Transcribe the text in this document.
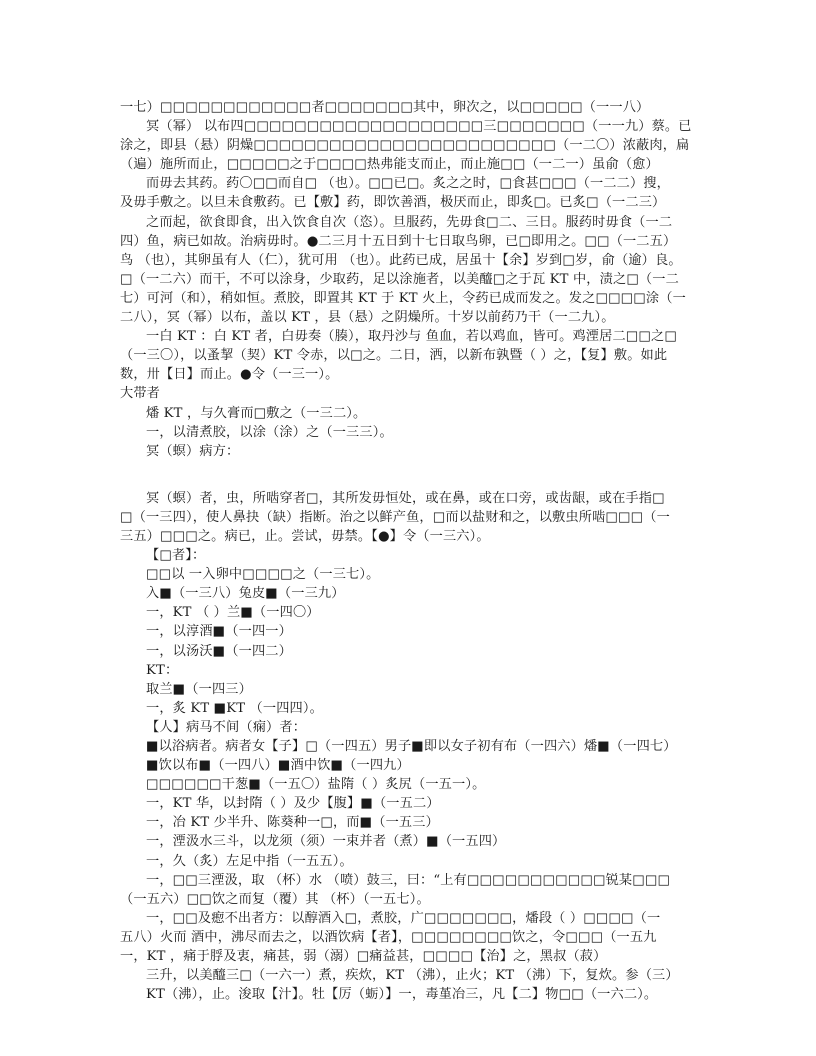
一七）□□□□□□□□□□□□者□□□□□□□其中，卵次之，以□□□□□（一一八）
冥（幂） 以布四□□□□□□□□□□□□□□□□□□□三□□□□□□□（一一九）蔡。已
涂之，即县（悬）阴燥□□□□□□□□□□□□□□□□□□□□□□□□（一二〇）浓蔽肉，扁
（遍）施所而止，□□□□□之于□□□□热弗能支而止，而止施□□（一二一）虽俞（愈）
而毋去其药。药〇□□而自□ （也）。□□已□。炙之之时，□食甚□□□（一二二）搜，
及毋手敷之。以旦未食敷药。已【敷】药，即饮善酒，极厌而止，即炙□。已炙□（一二三）
之而起，欲食即食，出入饮食自次（恣）。旦服药，先毋食□二、三日。服药时毋食（一二
四）鱼，病已如故。治病毋时。●二三月十五日到十七日取鸟卵，已□即用之。□□（一二五）
鸟 （也），其卵虽有人（仁），犹可用 （也）。此药已成，居虽十【余】岁到□岁，俞（逾）良。
□（一二六）而干，不可以涂身，少取药，足以涂施者，以美醯□之于瓦 KT 中，渍之□（一二
七）可河（和），稍如恒。煮胶，即置其 KT 于 KT 火上，令药已成而发之。发之□□□□涂（一
二八），冥（幂）以布，盖以 KT ，县（悬）之阴燥所。十岁以前药乃干（一二九）。
一白 KT ：白 KT 者，白毋奏（腠），取丹沙与 鱼血，若以鸡血，皆可。鸡湮居二□□之□
（一三〇），以蚤挈（契）KT 令赤，以□之。二日，洒，以新布孰暨（ ）之，【复】敷。如此
数，卅【日】而止。●令（一三一）。
大带者
燔 KT ，与久膏而□敷之（一三二）。
一，以清煮胶，以涂（涂）之（一三三）。
冥（螟）病方：
冥（螟）者，虫，所啮穿者□，其所发毋恒处，或在鼻，或在口旁，或齿龈，或在手指□
□（一三四），使人鼻抉（缺）指断。治之以鲜产鱼，□而以盐财和之，以敷虫所啮□□□（一
三五）□□□之。病已，止。尝试，毋禁。【●】令（一三六）。
【□者】：
□□以 一入卵中□□□□之（一三七）。
入■（一三八）兔皮■（一三九）
一，KT （ ）兰■（一四〇）
一，以淳酒■（一四一）
一，以汤沃■（一四二）
KT：
取兰■（一四三）
一，炙 KT ■KT （一四四）。
【人】病马不间（痫）者：
■以浴病者。病者女【子】□（一四五）男子■即以女子初有布（一四六）燔■（一四七）
■饮以布■（一四八）■酒中饮■（一四九）
□□□□□□干葱■（一五〇）盐隋（ ）炙尻（一五一）。
一，KT 华，以封隋（ ）及少【腹】■（一五二）
一，冶 KT 少半升、陈葵种一□，而■（一五三）
一，湮汲水三斗，以龙须（须）一束并者（煮）■（一五四）
一，久（炙）左足中指（一五五）。
一，□□三湮汲，取 （杯）水 （喷）鼓三，曰：“上有□□□□□□□□□□□锐某□□□
（一五六）□□饮之而复（覆）其 （杯）（一五七）。
一，□□及瘛不出者方：以醇酒入□，煮胶，广□□□□□□□，燔段（ ）□□□□（一
五八）火而 酒中，沸尽而去之，以酒饮病【者】，□□□□□□□□饮之，令□□□（一五九
一，KT ，痛于脬及衷，痛甚，弱（溺）□痛益甚，□□□□【治】之，黑叔（菽）
三升，以美醯三□（一六一）煮，疾炊，KT （沸），止火；KT （沸）下，复炊。参（三）
KT（沸），止。浚取【汁】。牡【厉（蛎）】一，毒堇冶三，凡【二】物□□（一六二）。
